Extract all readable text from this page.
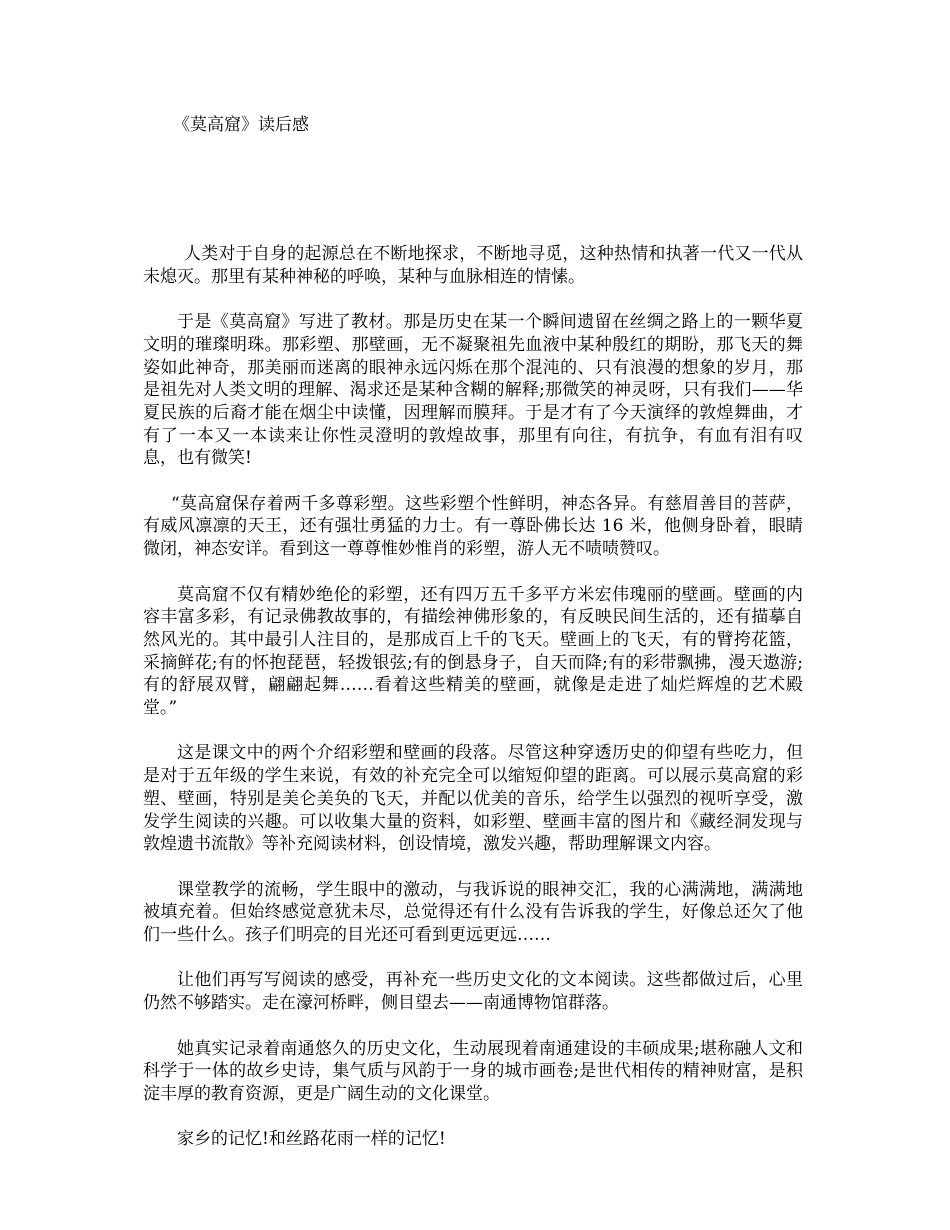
《莫高窟》读后感

人类对于自身的起源总在不断地探求，不断地寻觅，这种热情和执著一代又一代从未熄灭。那里有某种神秘的呼唤，某种与血脉相连的情愫。

于是《莫高窟》写进了教材。那是历史在某一个瞬间遗留在丝绸之路上的一颗华夏文明的璀璨明珠。那彩塑、那壁画，无不凝聚祖先血液中某种殷红的期盼，那飞天的舞姿如此神奇，那美丽而迷离的眼神永远闪烁在那个混沌的、只有浪漫的想象的岁月，那是祖先对人类文明的理解、渴求还是某种含糊的解释;那微笑的神灵呀，只有我们——华夏民族的后裔才能在烟尘中读懂，因理解而膜拜。于是才有了今天演绎的敦煌舞曲，才有了一本又一本读来让你性灵澄明的敦煌故事，那里有向往，有抗争，有血有泪有叹息，也有微笑!

“莫高窟保存着两千多尊彩塑。这些彩塑个性鲜明，神态各异。有慈眉善目的菩萨，有威风凛凛的天王，还有强壮勇猛的力士。有一尊卧佛长达 16 米，他侧身卧着，眼睛微闭，神态安详。看到这一尊尊惟妙惟肖的彩塑，游人无不啧啧赞叹。

莫高窟不仅有精妙绝伦的彩塑，还有四万五千多平方米宏伟瑰丽的壁画。壁画的内容丰富多彩，有记录佛教故事的，有描绘神佛形象的，有反映民间生活的，还有描摹自然风光的。其中最引人注目的，是那成百上千的飞天。壁画上的飞天，有的臂挎花篮，采摘鲜花;有的怀抱琵琶，轻拨银弦;有的倒悬身子，自天而降;有的彩带飘拂，漫天遨游;有的舒展双臂，翩翩起舞……看着这些精美的壁画，就像是走进了灿烂辉煌的艺术殿堂。”

这是课文中的两个介绍彩塑和壁画的段落。尽管这种穿透历史的仰望有些吃力，但是对于五年级的学生来说，有效的补充完全可以缩短仰望的距离。可以展示莫高窟的彩塑、壁画，特别是美仑美奂的飞天，并配以优美的音乐，给学生以强烈的视听享受，激发学生阅读的兴趣。可以收集大量的资料，如彩塑、壁画丰富的图片和《藏经洞发现与敦煌遗书流散》等补充阅读材料，创设情境，激发兴趣，帮助理解课文内容。

课堂教学的流畅，学生眼中的激动，与我诉说的眼神交汇，我的心满满地，满满地被填充着。但始终感觉意犹未尽，总觉得还有什么没有告诉我的学生，好像总还欠了他们一些什么。孩子们明亮的目光还可看到更远更远……

让他们再写写阅读的感受，再补充一些历史文化的文本阅读。这些都做过后，心里仍然不够踏实。走在濠河桥畔，侧目望去——南通博物馆群落。

她真实记录着南通悠久的历史文化，生动展现着南通建设的丰硕成果;堪称融人文和科学于一体的故乡史诗，集气质与风韵于一身的城市画卷;是世代相传的精神财富，是积淀丰厚的教育资源，更是广阔生动的文化课堂。

家乡的记忆!和丝路花雨一样的记忆!
